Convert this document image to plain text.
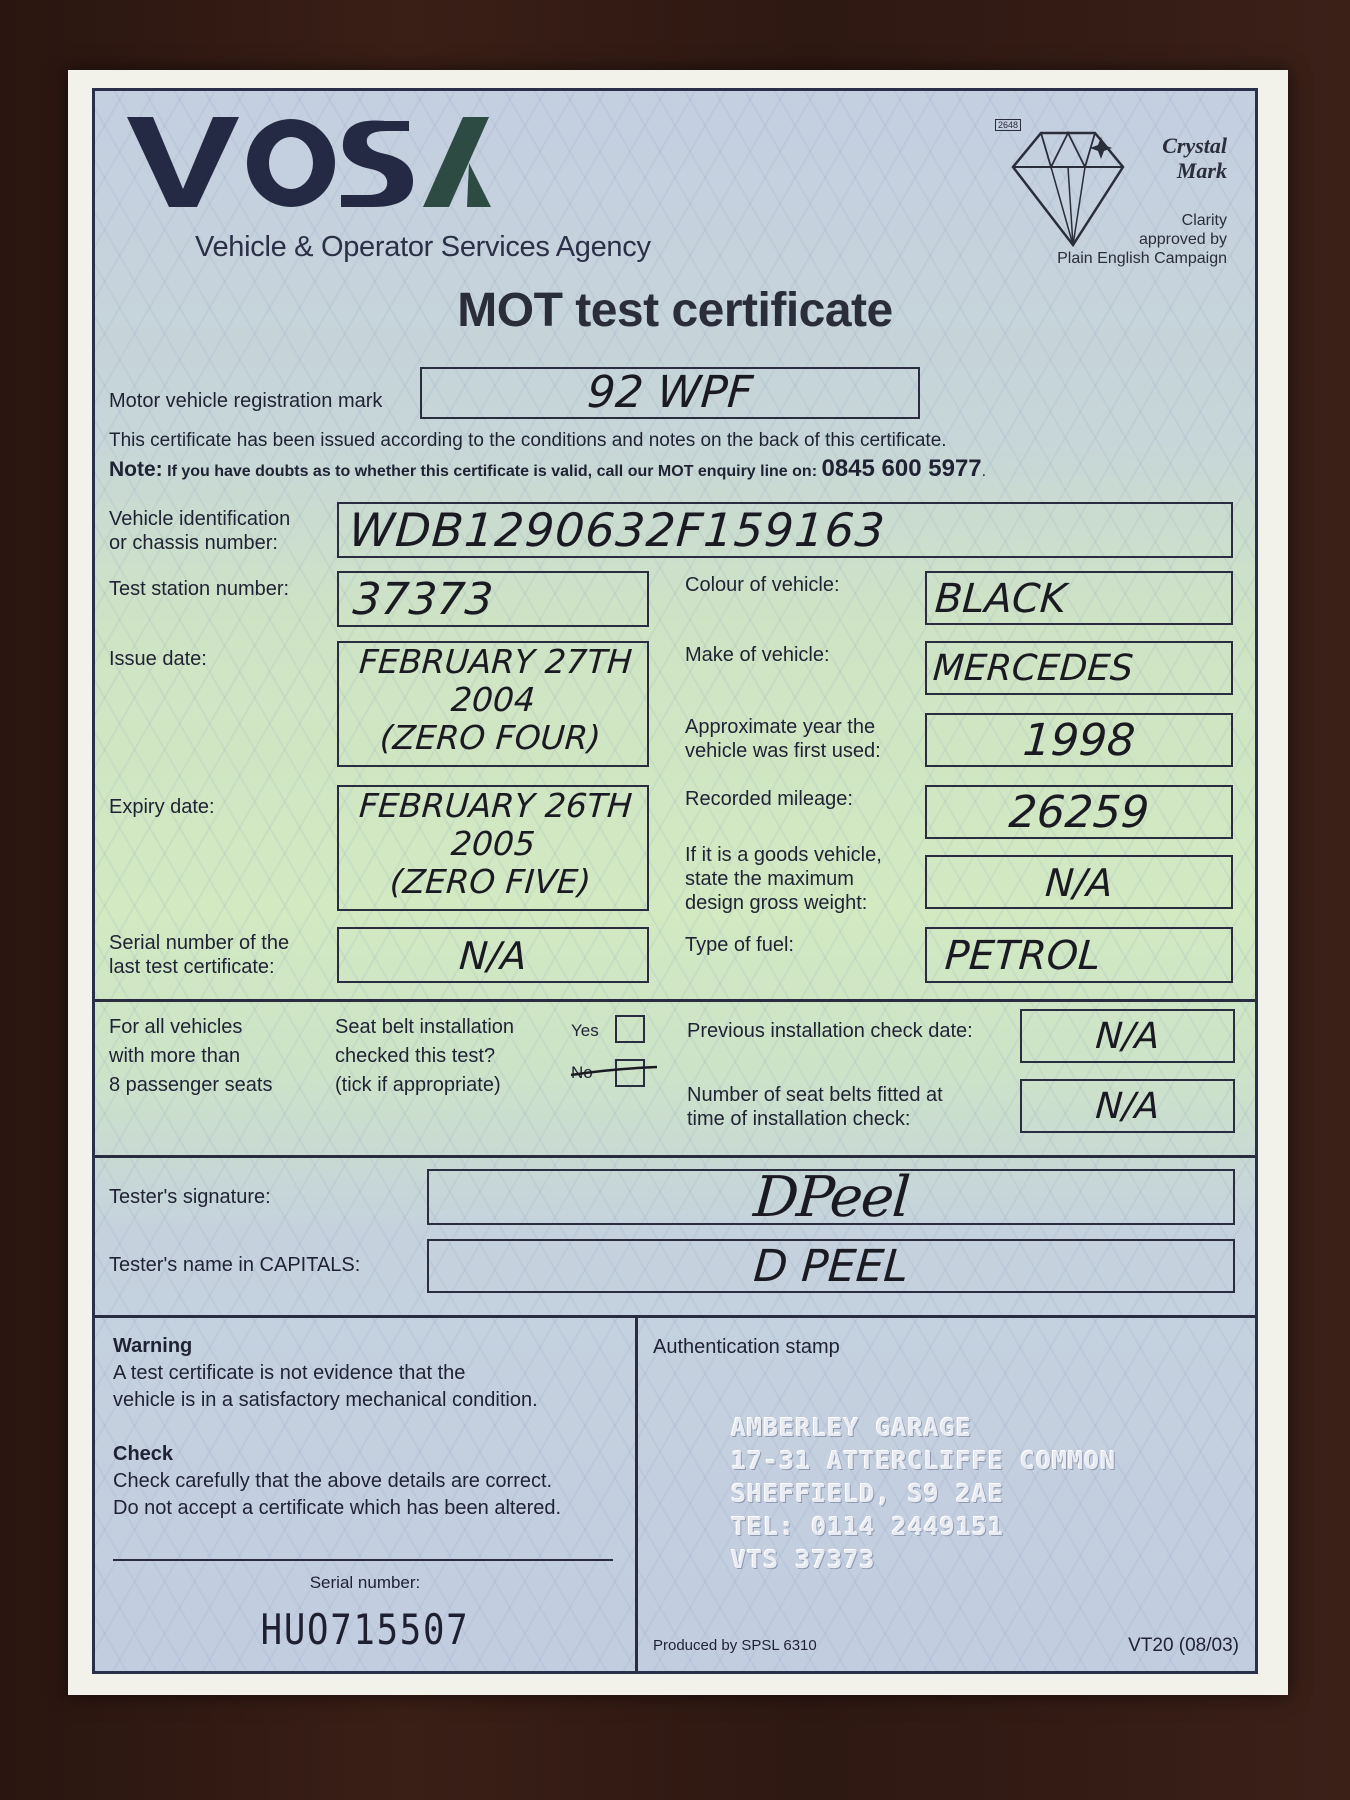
Vehicle & Operator Services Agency
2648
Crystal
Mark
Clarity
approved by
Plain English Campaign
MOT test certificate
Motor vehicle registration mark	92 WPF
This certificate has been issued according to the conditions and notes on the back of this certificate.
Note: If you have doubts as to whether this certificate is valid, call our MOT enquiry line on: 0845 600 5977.
Vehicle identification
or chassis number: WDB1290632F159163
Test station number:	37373	Colour of vehicle: BLACK
Issue date:	FEBRUARY 27TH
2004
(ZERO FOUR)
Make of vehicle:	MERCEDES
Approximate year the
vehicle was first used:	1998
Expiry date:	FEBRUARY 26TH
2005
(ZERO FIVE)
Recorded mileage:	26259
If it is a goods vehicle,
state the maximum
design gross weight:	N/A
Serial number of the
last test certificate:	N/A	Type of fuel:	PETROL
For all vehicles
with more than
8 passenger seats
Seat belt installation
checked this test?
(tick if appropriate)
Yes
No
Previous installation check date:	N/A
Number of seat belts fitted at
time of installation check:	N/A
Tester's signature:	DPeel
Tester's name in CAPITALS:	D PEEL
Warning
A test certificate is not evidence that the
vehicle is in a satisfactory mechanical condition.
Check
Check carefully that the above details are correct.
Do not accept a certificate which has been altered.
Serial number:
HUO715507
Authentication stamp
AMBERLEY GARAGE
17-31 ATTERCLIFFE COMMON
SHEFFIELD, S9 2AE
TEL: 0114 2449151
VTS 37373
Produced by SPSL 6310	VT20 (08/03)
